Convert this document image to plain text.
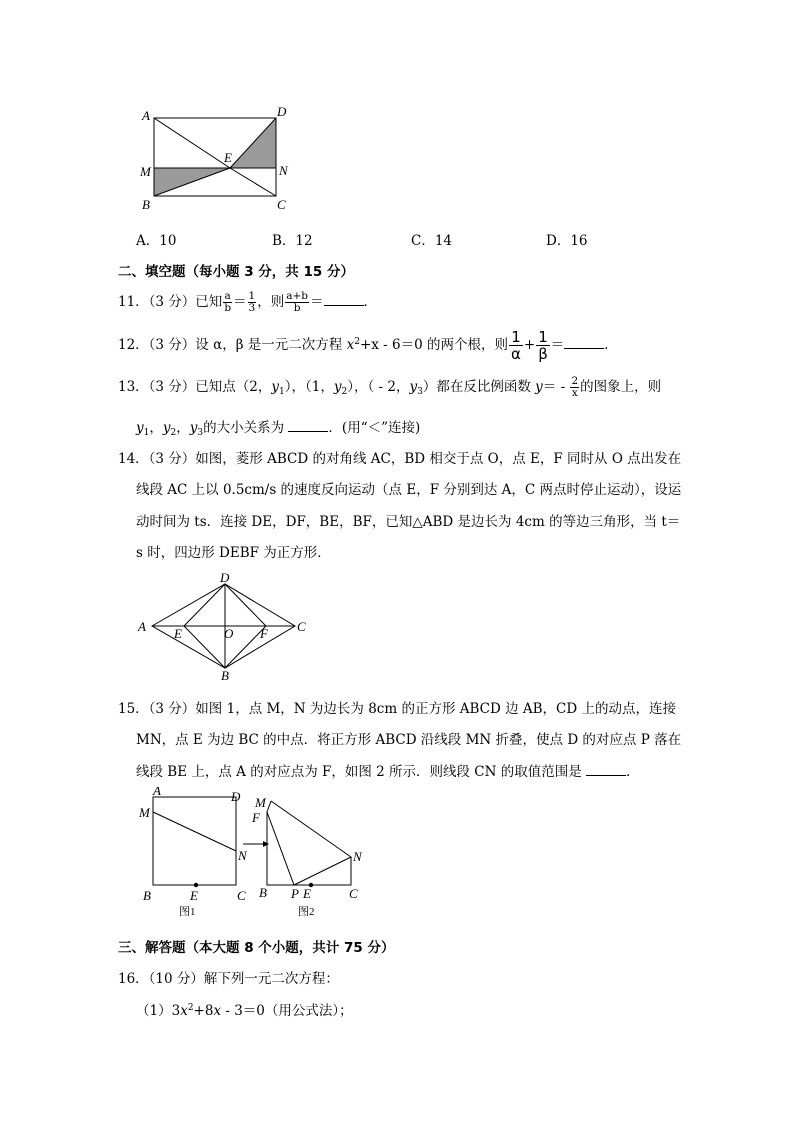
A	D
E
M	N
B	C
A．10	B．12	C．14	D．16
二、填空题（每小题 3 分，共 15 分）
11．（3 分）已知 $\frac{a}{b} = \frac{1}{3}$ ，则 $\frac{a+b}{b}$ ＝	．
12．（3 分）设 α，β 是一元二次方程 $x^2+x - 6=0$ 的两个根，则 $\frac{1}{\alpha} + \frac{1}{\beta}$ ＝	．
13．（3 分）已知点（2，$y_1$），（1，$y_2$），（ - 2，$y_3$）都在反比例函数 $y= - \frac{2}{x}$ 的图象上，则
$y_1$，$y_2$，$y_3$的大小关系为	．(用“＜”连接)
14．（3 分）如图，菱形 ABCD 的对角线 AC，BD 相交于点 O，点 E，F 同时从 O 点出发在
线段 AC 上以 0.5cm/s 的速度反向运动（点 E，F 分别到达 A，C 两点时停止运动），设运
动时间为 ts．连接 DE，DF，BE，BF，已知△ABD 是边长为 4cm 的等边三角形，当 t＝
s 时，四边形 DEBF 为正方形．
A
D
C
B
E	O F
15．（3 分）如图 1，点 M，N 为边长为 8cm 的正方形 ABCD 边 AB，CD 上的动点，连接
MN，点 E 为边 BC 的中点．将正方形 ABCD 沿线段 MN 折叠，使点 D 的对应点 P 落在
线段 BE 上，点 A 的对应点为 F，如图 2 所示．则线段 CN 的取值范围是	．
A	D
M
N
B	E	C
图1
M
F
N
B P E	C
图2
三、解答题（本大题 8 个小题，共计 75 分）
16．（10 分）解下列一元二次方程：
$(1)3x^2+8x - 3=0$（用公式法）；
